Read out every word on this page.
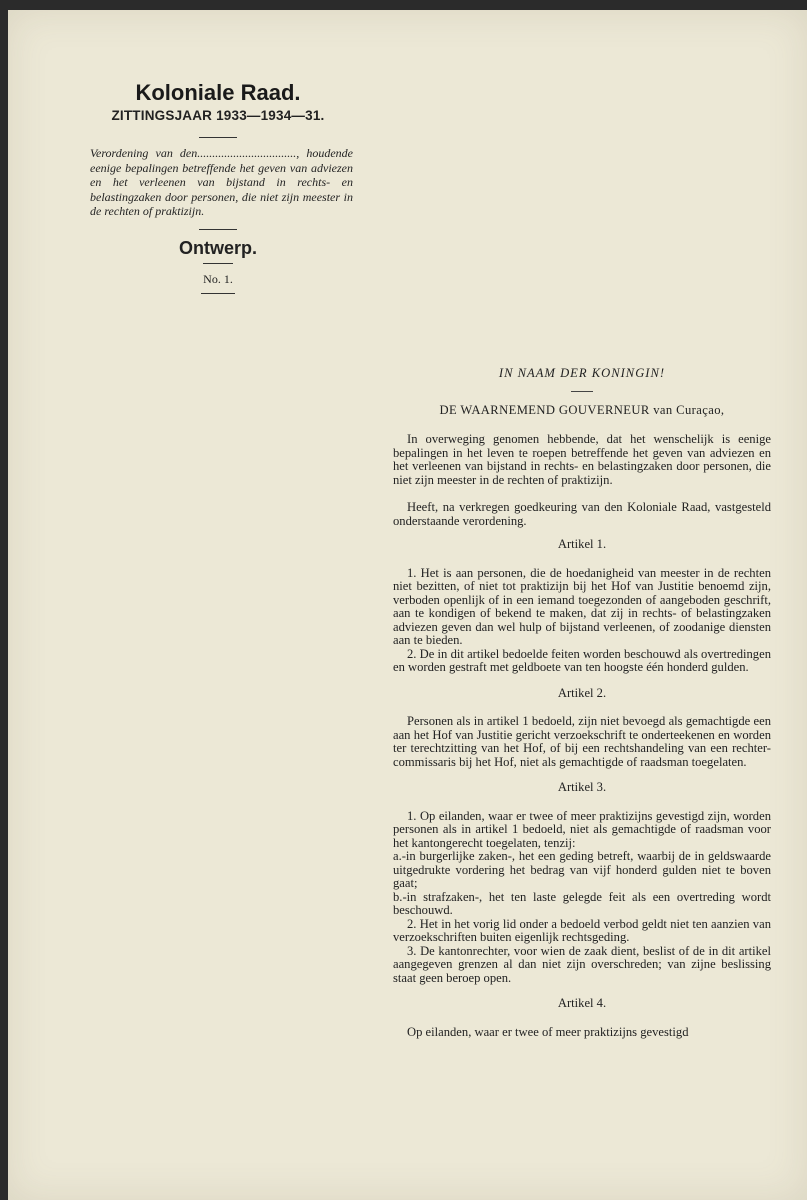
Koloniale Raad.

ZITTINGSJAAR 1933—1934—31.

Verordening van den................................., houdende eenige bepalingen betreffende het geven van adviezen en het verleenen van bijstand in rechts- en belastingzaken door personen, die niet zijn meester in de rechten of praktizijn.

Ontwerp.

No. 1.

IN NAAM DER KONINGIN!

DE WAARNEMEND GOUVERNEUR van Curaçao,

In overweging genomen hebbende, dat het wenschelijk is eenige bepalingen in het leven te roepen betreffende het geven van adviezen en het verleenen van bijstand in rechts- en belastingzaken door personen, die niet zijn meester in de rechten of praktizijn.

Heeft, na verkregen goedkeuring van den Koloniale Raad, vastgesteld onderstaande verordening.

Artikel 1.

1. Het is aan personen, die de hoedanigheid van meester in de rechten niet bezitten, of niet tot praktizijn bij het Hof van Justitie benoemd zijn, verboden openlijk of in een iemand toegezonden of aangeboden geschrift, aan te kondigen of bekend te maken, dat zij in rechts- of belastingzaken adviezen geven dan wel hulp of bijstand verleenen, of zoodanige diensten aan te bieden.

2. De in dit artikel bedoelde feiten worden beschouwd als overtredingen en worden gestraft met geldboete van ten hoogste één honderd gulden.

Artikel 2.

Personen als in artikel 1 bedoeld, zijn niet bevoegd als gemachtigde een aan het Hof van Justitie gericht verzoekschrift te onderteekenen en worden ter terechtzitting van het Hof, of bij een rechtshandeling van een rechter-commissaris bij het Hof, niet als gemachtigde of raadsman toegelaten.

Artikel 3.

1. Op eilanden, waar er twee of meer praktizijns gevestigd zijn, worden personen als in artikel 1 bedoeld, niet als gemachtigde of raadsman voor het kantongerecht toegelaten, tenzij:

a.-in burgerlijke zaken-, het een geding betreft, waarbij de in geldswaarde uitgedrukte vordering het bedrag van vijf honderd gulden niet te boven gaat;

b.-in strafzaken-, het ten laste gelegde feit als een overtreding wordt beschouwd.

2. Het in het vorig lid onder a bedoeld verbod geldt niet ten aanzien van verzoekschriften buiten eigenlijk rechtsgeding.

3. De kantonrechter, voor wien de zaak dient, beslist of de in dit artikel aangegeven grenzen al dan niet zijn overschreden; van zijne beslissing staat geen beroep open.

Artikel 4.

Op eilanden, waar er twee of meer praktizijns gevestigd
